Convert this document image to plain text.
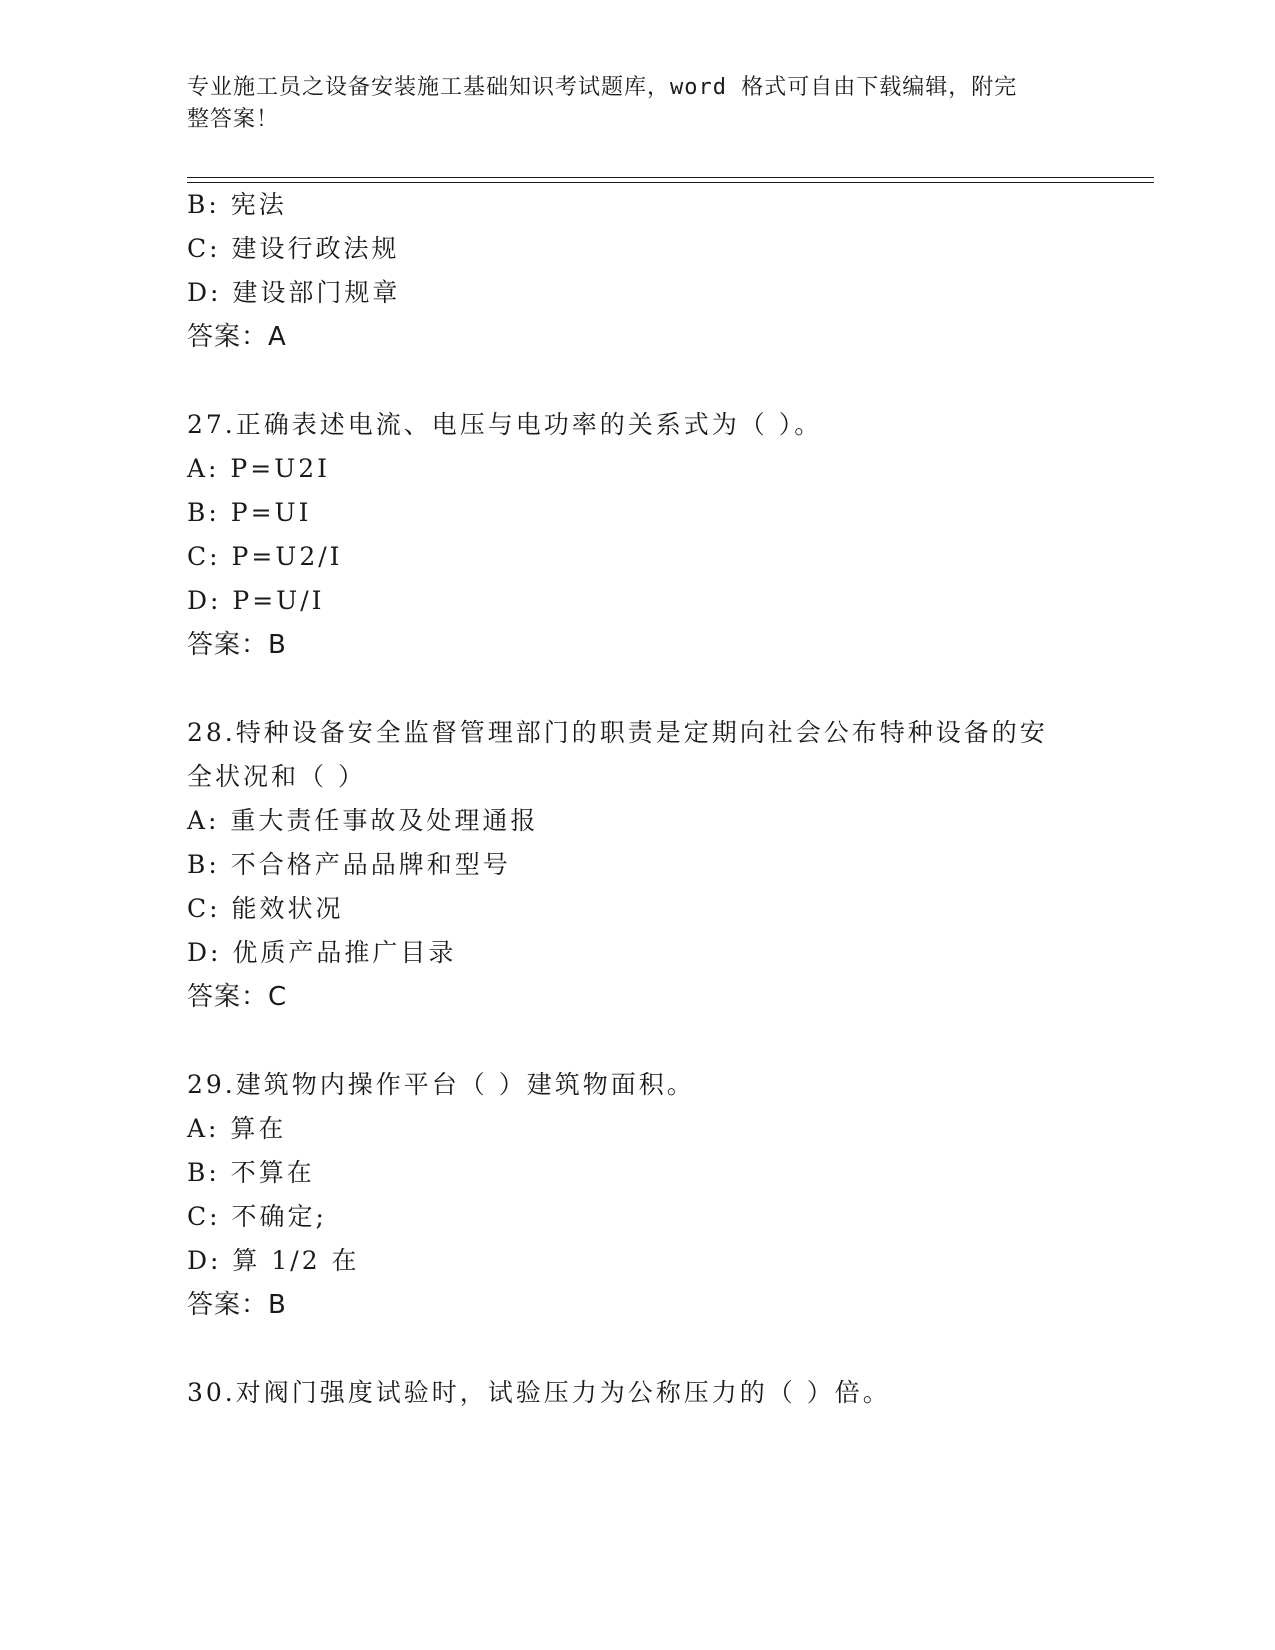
专业施工员之设备安装施工基础知识考试题库，word 格式可自由下载编辑，附完
整答案！
B: 宪法
C: 建设行政法规
D: 建设部门规章
答案：A
27.正确表述电流、电压与电功率的关系式为（ ）。
A: P=U2I
B: P=UI
C: P=U2/I
D: P=U/I
答案：B
28.特种设备安全监督管理部门的职责是定期向社会公布特种设备的安
全状况和（ ）
A: 重大责任事故及处理通报
B: 不合格产品品牌和型号
C: 能效状况
D: 优质产品推广目录
答案：C
29.建筑物内操作平台（ ）建筑物面积。
A: 算在
B: 不算在
C: 不确定;
D: 算 1/2 在
答案：B
30.对阀门强度试验时，试验压力为公称压力的（ ）倍。
